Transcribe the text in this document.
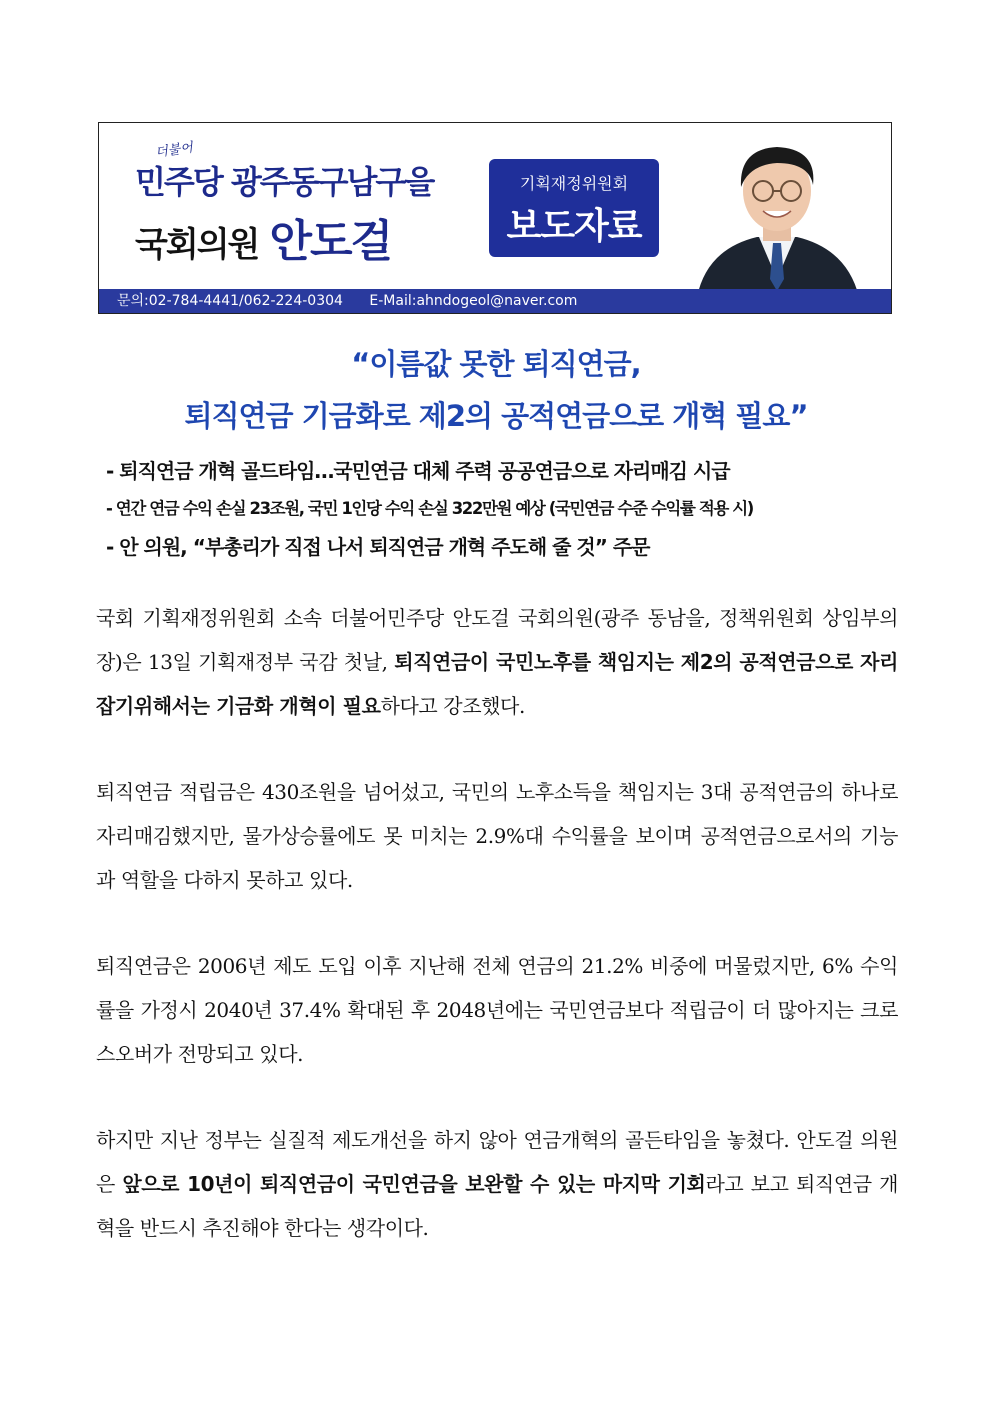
더불어
민주당 광주동구남구을
국회의원 안도걸
기획재정위원회
보도자료
문의:02-784-4441/062-224-0304 E-Mail:ahndogeol@naver.com
“이름값 못한 퇴직연금,
퇴직연금 기금화로 제2의 공적연금으로 개혁 필요”
- 퇴직연금 개혁 골드타임…국민연금 대체 주력 공공연금으로 자리매김 시급
- 연간 연금 수익 손실 23조원, 국민 1인당 수익 손실 322만원 예상 (국민연금 수준 수익률 적용 시)
- 안 의원, “부총리가 직접 나서 퇴직연금 개혁 주도해 줄 것” 주문

국회 기획재정위원회 소속 더불어민주당 안도걸 국회의원(광주 동남을, 정책위원회 상임부의장)은 13일 기획재정부 국감 첫날, 퇴직연금이 국민노후를 책임지는 제2의 공적연금으로 자리 잡기위해서는 기금화 개혁이 필요하다고 강조했다.

퇴직연금 적립금은 430조원을 넘어섰고, 국민의 노후소득을 책임지는 3대 공적연금의 하나로 자리매김했지만, 물가상승률에도 못 미치는 2.9%대 수익률을 보이며 공적연금으로서의 기능과 역할을 다하지 못하고 있다.

퇴직연금은 2006년 제도 도입 이후 지난해 전체 연금의 21.2% 비중에 머물렀지만, 6% 수익률을 가정시 2040년 37.4% 확대된 후 2048년에는 국민연금보다 적립금이 더 많아지는 크로스오버가 전망되고 있다.

하지만 지난 정부는 실질적 제도개선을 하지 않아 연금개혁의 골든타임을 놓쳤다. 안도걸 의원은 앞으로 10년이 퇴직연금이 국민연금을 보완할 수 있는 마지막 기회라고 보고 퇴직연금 개혁을 반드시 추진해야 한다는 생각이다.
